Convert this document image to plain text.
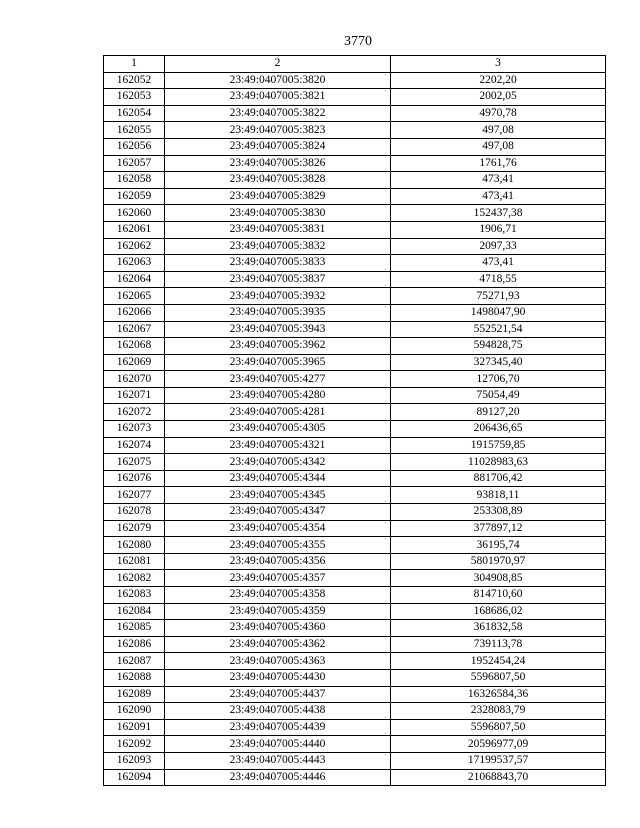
3770
1	2	3
162052	23:49:0407005:3820	2202,20
162053	23:49:0407005:3821	2002,05
162054	23:49:0407005:3822	4970,78
162055	23:49:0407005:3823	497,08
162056	23:49:0407005:3824	497,08
162057	23:49:0407005:3826	1761,76
162058	23:49:0407005:3828	473,41
162059	23:49:0407005:3829	473,41
162060	23:49:0407005:3830	152437,38
162061	23:49:0407005:3831	1906,71
162062	23:49:0407005:3832	2097,33
162063	23:49:0407005:3833	473,41
162064	23:49:0407005:3837	4718,55
162065	23:49:0407005:3932	75271,93
162066	23:49:0407005:3935	1498047,90
162067	23:49:0407005:3943	552521,54
162068	23:49:0407005:3962	594828,75
162069	23:49:0407005:3965	327345,40
162070	23:49:0407005:4277	12706,70
162071	23:49:0407005:4280	75054,49
162072	23:49:0407005:4281	89127,20
162073	23:49:0407005:4305	206436,65
162074	23:49:0407005:4321	1915759,85
162075	23:49:0407005:4342	11028983,63
162076	23:49:0407005:4344	881706,42
162077	23:49:0407005:4345	93818,11
162078	23:49:0407005:4347	253308,89
162079	23:49:0407005:4354	377897,12
162080	23:49:0407005:4355	36195,74
162081	23:49:0407005:4356	5801970,97
162082	23:49:0407005:4357	304908,85
162083	23:49:0407005:4358	814710,60
162084	23:49:0407005:4359	168686,02
162085	23:49:0407005:4360	361832,58
162086	23:49:0407005:4362	739113,78
162087	23:49:0407005:4363	1952454,24
162088	23:49:0407005:4430	5596807,50
162089	23:49:0407005:4437	16326584,36
162090	23:49:0407005:4438	2328083,79
162091	23:49:0407005:4439	5596807,50
162092	23:49:0407005:4440	20596977,09
162093	23:49:0407005:4443	17199537,57
162094	23:49:0407005:4446	21068843,70
